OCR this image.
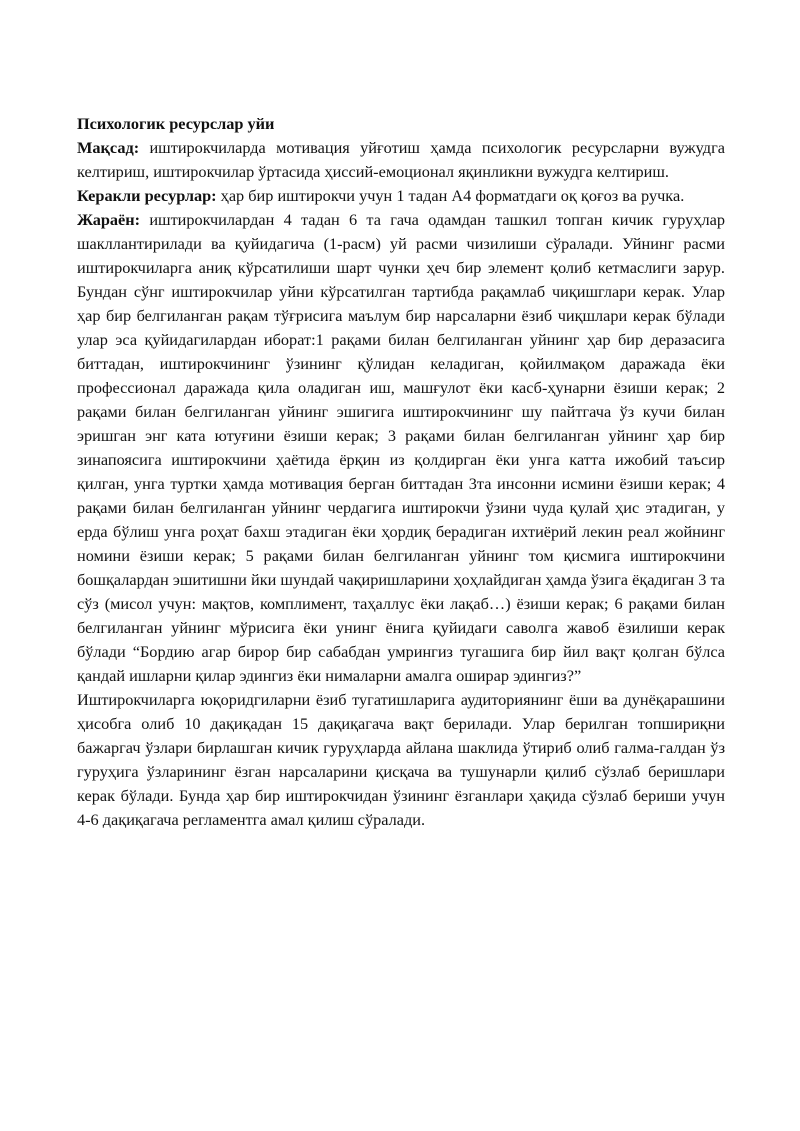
Психологик ресурслар уйи

Мақсад: иштирокчиларда мотивация уйғотиш ҳамда психологик ресурсларни вужудга келтириш, иштирокчилар ўртасида ҳиссий-емоционал яқинликни вужудга келтириш.

Керакли ресурлар: ҳар бир иштирокчи учун 1 тадан А4 форматдаги оқ қоғоз ва ручка.

Жараён: иштирокчилардан 4 тадан 6 та гача одамдан ташкил топган кичик гуруҳлар шакллантирилади ва қуйидагича (1-расм) уй расми чизилиши сўралади. Уйнинг расми иштирокчиларга аниқ кўрсатилиши шарт чунки ҳеч бир элемент қолиб кетмаслиги зарур. Бундан сўнг иштирокчилар уйни кўрсатилган тартибда рақамлаб чиқишглари керак. Улар ҳар бир белгиланган рақам тўғрисига маълум бир нарсаларни ёзиб чиқшлари керак бўлади улар эса қуйидагилардан иборат:1 рақами билан белгиланган уйнинг ҳар бир деразасига биттадан, иштирокчининг ўзининг қўлидан келадиган, қойилмақом даражада ёки профессионал даражада қила оладиган иш, машғулот ёки касб-ҳунарни ёзиши керак; 2 рақами билан белгиланган уйнинг эшигига иштирокчининг шу пайтгача ўз кучи билан эришган энг ката ютуғини ёзиши керак; 3 рақами билан белгиланган уйнинг ҳар бир зинапоясига иштирокчини ҳаётида ёрқин из қолдирган ёки унга катта ижобий таъсир қилган, унга туртки ҳамда мотивация берган биттадан 3та инсонни исмини ёзиши керак; 4 рақами билан белгиланган уйнинг чердагига иштирокчи ўзини чуда қулай ҳис этадиган, у ерда бўлиш унга роҳат бахш этадиган ёки ҳордиқ берадиган ихтиёрий лекин реал жойнинг номини ёзиши керак; 5 рақами билан белгиланган уйнинг том қисмига иштирокчини бошқалардан эшитишни йки шундай чақиришларини ҳоҳлайдиган ҳамда ўзига ёқадиган 3 та сўз (мисол учун: мақтов, комплимент, таҳаллус ёки лақаб…) ёзиши керак; 6 рақами билан белгиланган уйнинг мўрисига ёки унинг ёнига қуйидаги саволга жавоб ёзилиши керак бўлади “Бордию агар бирор бир сабабдан умрингиз тугашига бир йил вақт қолган бўлса қандай ишларни қилар эдингиз ёки нималарни амалга оширар эдингиз?”

Иштирокчиларга юқоридгиларни ёзиб тугатишларига аудиториянинг ёши ва дунёқарашини ҳисобга олиб 10 дақиқадан 15 дақиқагача вақт берилади. Улар берилган топшириқни бажаргач ўзлари бирлашган кичик гуруҳларда айлана шаклида ўтириб олиб галма-галдан ўз гуруҳига ўзларининг ёзган нарсаларини қисқача ва тушунарли қилиб сўзлаб беришлари керак бўлади. Бунда ҳар бир иштирокчидан ўзининг ёзганлари ҳақида сўзлаб бериши учун 4-6 дақиқагача регламентга амал қилиш сўралади.
